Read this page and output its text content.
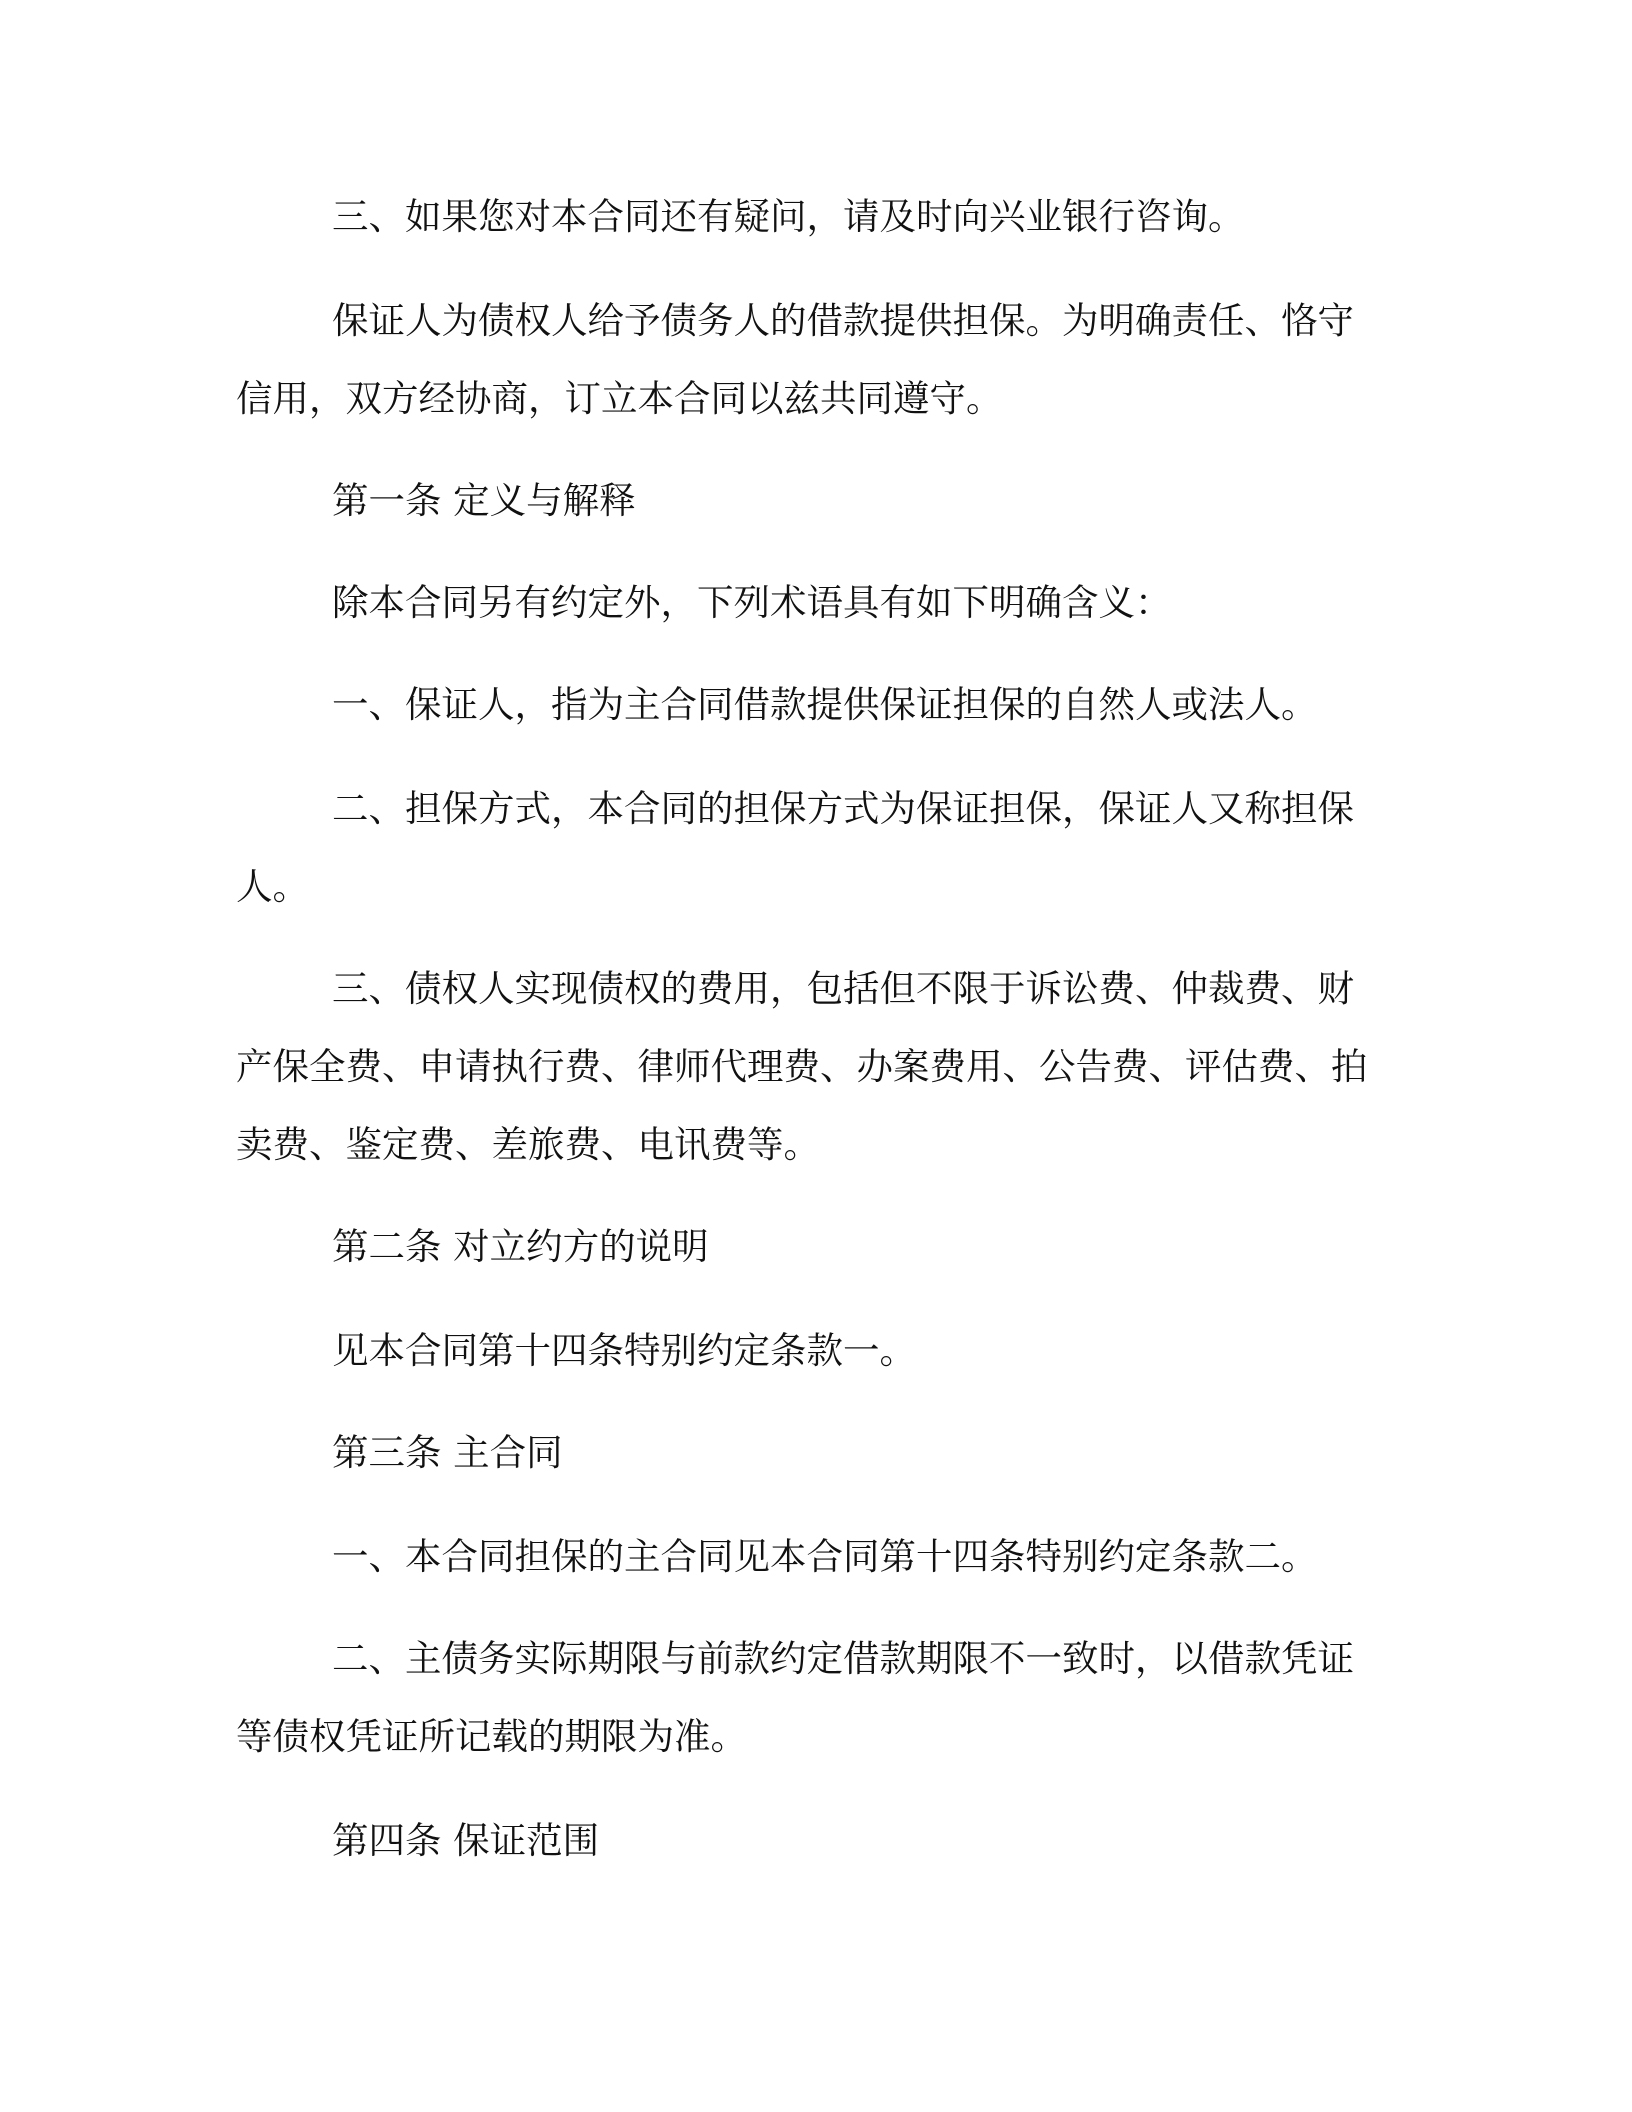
三、如果您对本合同还有疑问，请及时向兴业银行咨询。

保证人为债权人给予债务人的借款提供担保。为明确责任、恪守信用，双方经协商，订立本合同以兹共同遵守。

第一条 定义与解释

除本合同另有约定外，下列术语具有如下明确含义：

一、保证人，指为主合同借款提供保证担保的自然人或法人。

二、担保方式，本合同的担保方式为保证担保，保证人又称担保人。

三、债权人实现债权的费用，包括但不限于诉讼费、仲裁费、财产保全费、申请执行费、律师代理费、办案费用、公告费、评估费、拍卖费、鉴定费、差旅费、电讯费等。

第二条 对立约方的说明

见本合同第十四条特别约定条款一。

第三条 主合同

一、本合同担保的主合同见本合同第十四条特别约定条款二。

二、主债务实际期限与前款约定借款期限不一致时，以借款凭证等债权凭证所记载的期限为准。

第四条 保证范围
